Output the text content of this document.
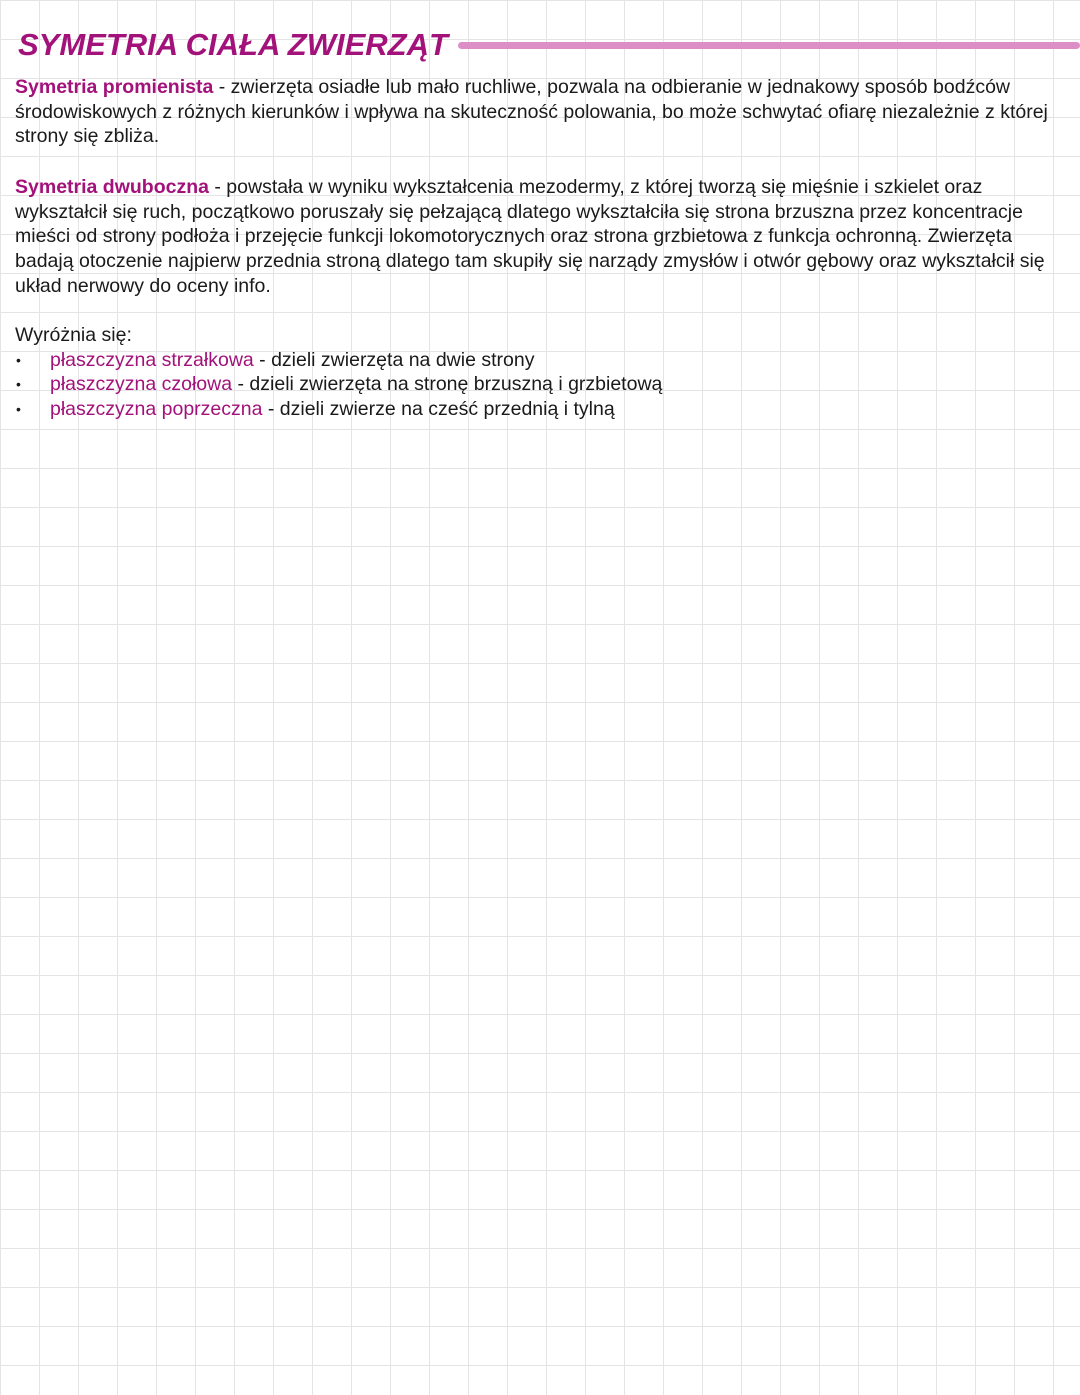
SYMETRIA CIAŁA ZWIERZĄT
Symetria promienista - zwierzęta osiadłe lub mało ruchliwe, pozwala na odbieranie w jednakowy sposób bodźców środowiskowych z różnych kierunków i wpływa na skuteczność polowania, bo może schwytać ofiarę niezależnie z której strony się zbliża.
Symetria dwuboczna - powstała w wyniku wykształcenia mezodermy, z której tworzą się mięśnie i szkielet oraz wykształcił się ruch, początkowo poruszały się pełzającą dlatego wykształciła się strona brzuszna przez koncentracje mieści od strony podłoża i przejęcie funkcji lokomotorycznych oraz strona grzbietowa z funkcja ochronną. Zwierzęta badają otoczenie najpierw przednia stroną dlatego tam skupiły się narządy zmysłów i otwór gębowy oraz wykształcił się układ nerwowy do oceny info.
Wyróżnia się:
• płaszczyzna strzałkowa - dzieli zwierzęta na dwie strony
• płaszczyzna czołowa - dzieli zwierzęta na stronę brzuszną i grzbietową
• płaszczyzna poprzeczna - dzieli zwierze na cześć przednią i tylną
